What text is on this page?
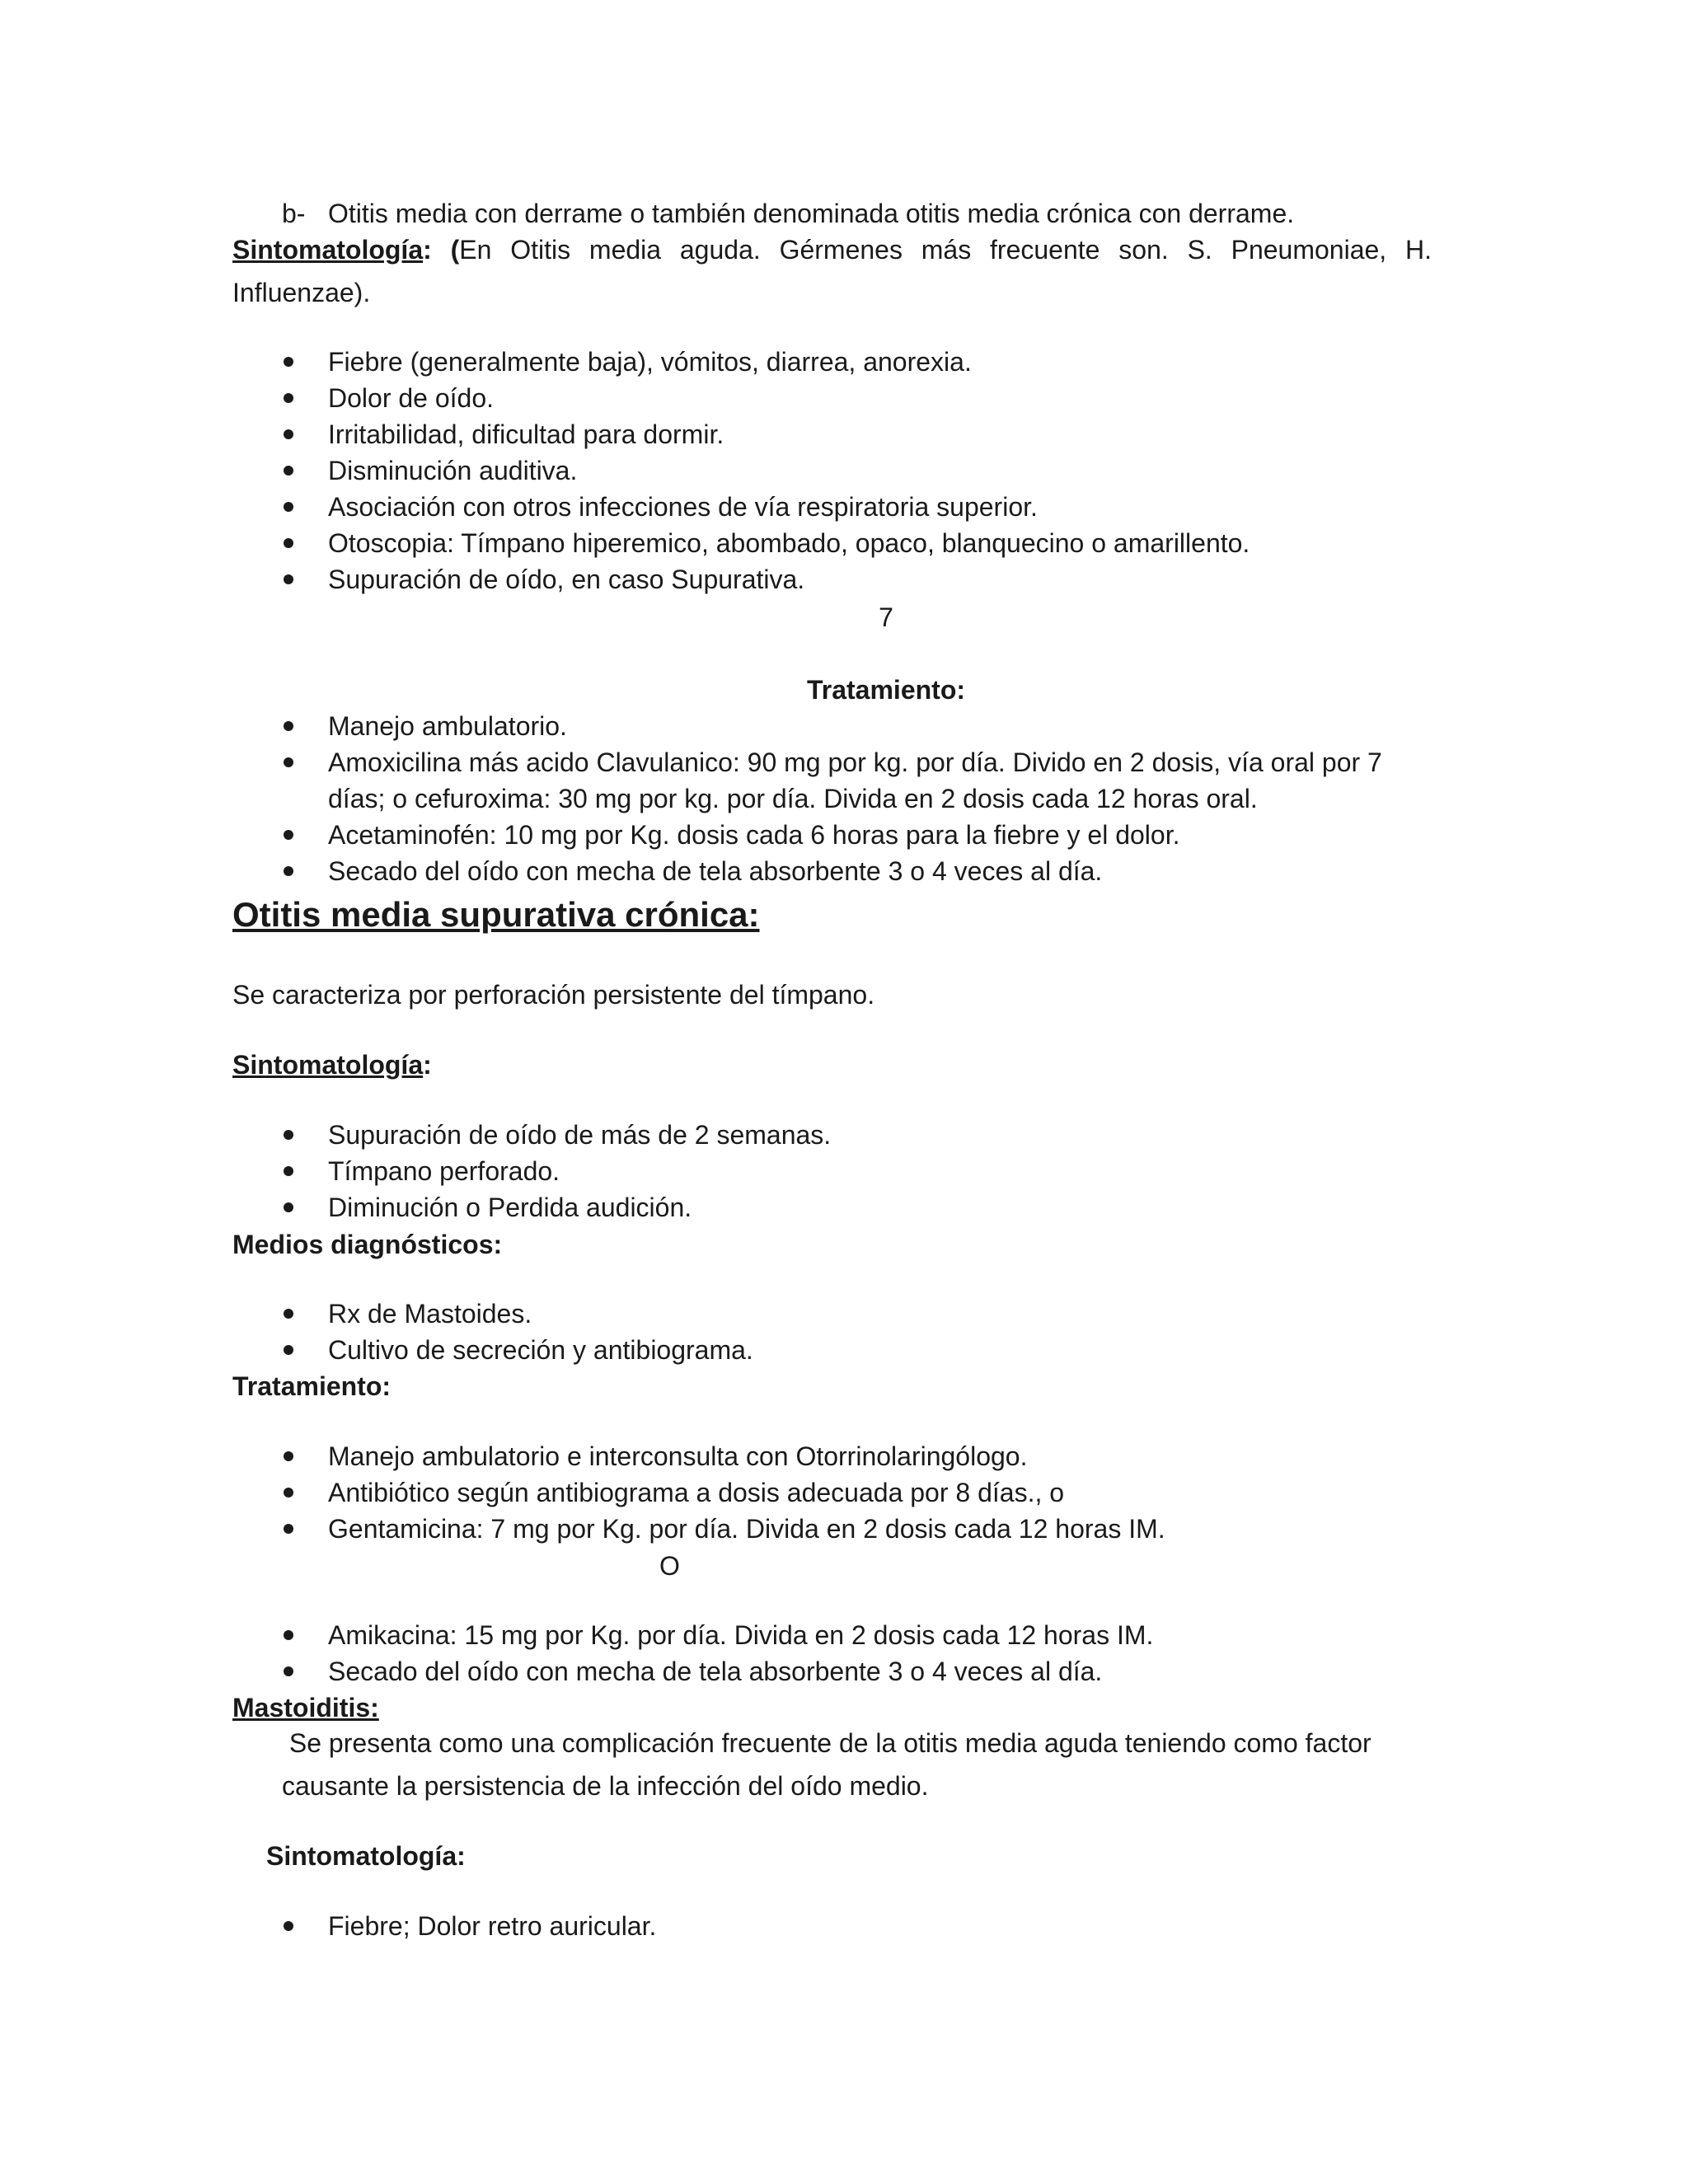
b- Otitis media con derrame o también denominada otitis media crónica con derrame.
Sintomatología: (En Otitis media aguda. Gérmenes más frecuente son. S. Pneumoniae, H.
Influenzae).
Fiebre (generalmente baja), vómitos, diarrea, anorexia.
Dolor de oído.
Irritabilidad, dificultad para dormir.
Disminución auditiva.
Asociación con otros infecciones de vía respiratoria superior.
Otoscopia: Tímpano hiperemico, abombado, opaco, blanquecino o amarillento.
Supuración de oído, en caso Supurativa.
7
Tratamiento:
Manejo ambulatorio.
Amoxicilina más acido Clavulanico: 90 mg por kg. por día. Divido en 2 dosis, vía oral por 7 días; o cefuroxima: 30 mg por kg. por día. Divida en 2 dosis cada 12 horas oral.
Acetaminofén: 10 mg por Kg. dosis cada 6 horas para la fiebre y el dolor.
Secado del oído con mecha de tela absorbente 3 o 4 veces al día.
Otitis media supurativa crónica:
Se caracteriza por perforación persistente del tímpano.
Sintomatología:
Supuración de oído de más de 2 semanas.
Tímpano perforado.
Diminución o Perdida audición.
Medios diagnósticos:
Rx de Mastoides.
Cultivo de secreción y antibiograma.
Tratamiento:
Manejo ambulatorio e interconsulta con Otorrinolaringólogo.
Antibiótico según antibiograma a dosis adecuada por 8 días., o
Gentamicina: 7 mg por Kg. por día. Divida en 2 dosis cada 12 horas IM.
O
Amikacina: 15 mg por Kg. por día. Divida en 2 dosis cada 12 horas IM.
Secado del oído con mecha de tela absorbente 3 o 4 veces al día.
Mastoiditis:
Se presenta como una complicación frecuente de la otitis media aguda teniendo como factor
causante la persistencia de la infección del oído medio.
Sintomatología:
Fiebre; Dolor retro auricular.
